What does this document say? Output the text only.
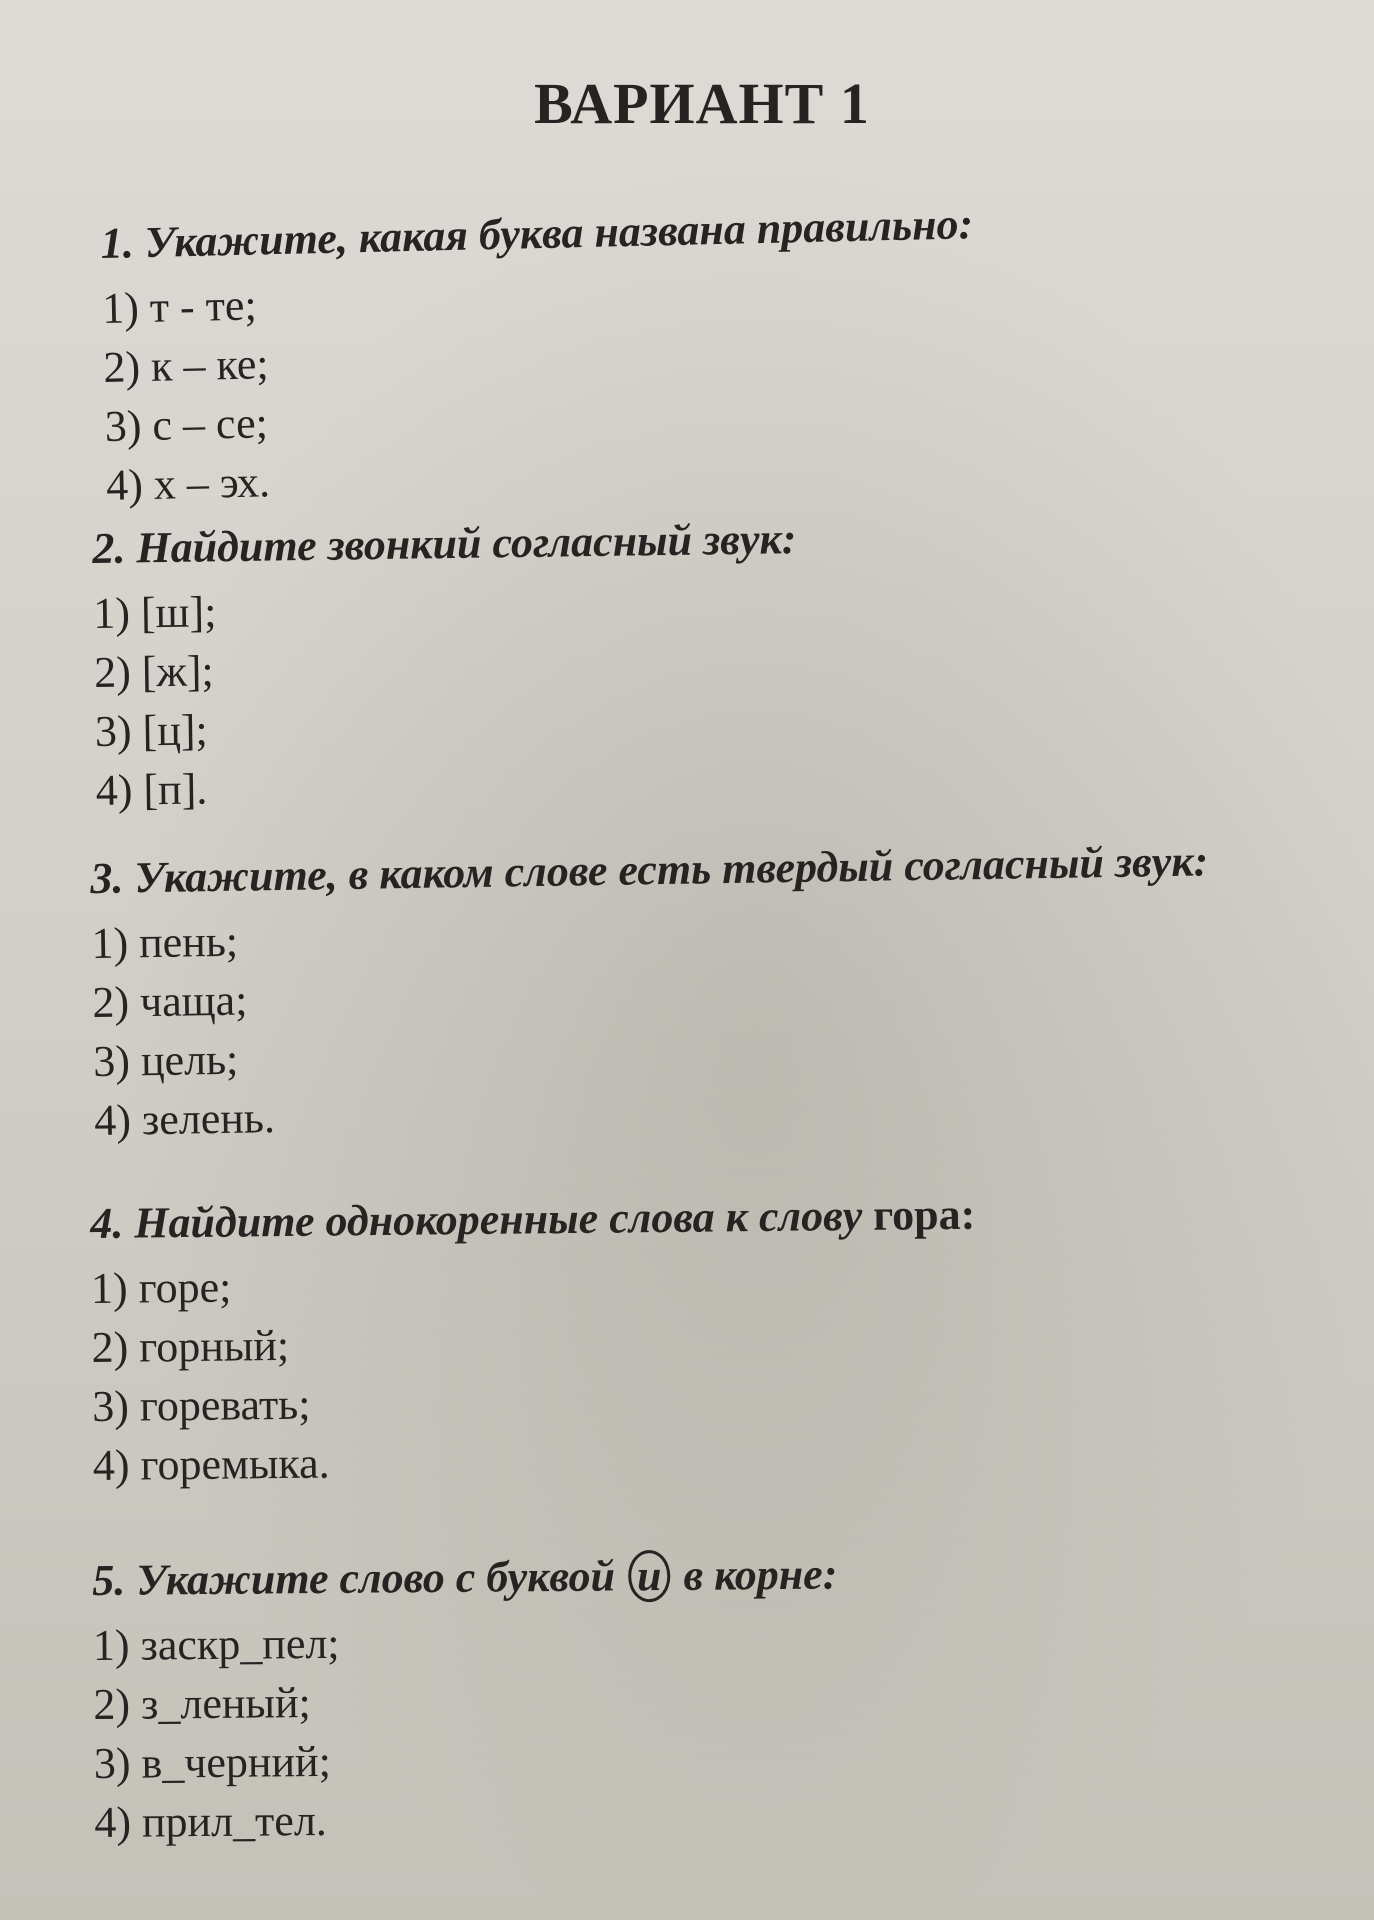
ВАРИАНТ 1
1. Укажите, какая буква названа правильно:
1) т - те;
2) к – ке;
3) с – се;
4) х – эх.
2. Найдите звонкий согласный звук:
1) [ш];
2) [ж];
3) [ц];
4) [п].
3. Укажите, в каком слове есть твердый согласный звук:
1) пень;
2) чаща;
3) цель;
4) зелень.
4. Найдите однокоренные слова к слову гора:
1) горе;
2) горный;
3) горевать;
4) горемыка.
5. Укажите слово с буквой и в корне:
1) заскр_пел;
2) з_леный;
3) в_черний;
4) прил_тел.
